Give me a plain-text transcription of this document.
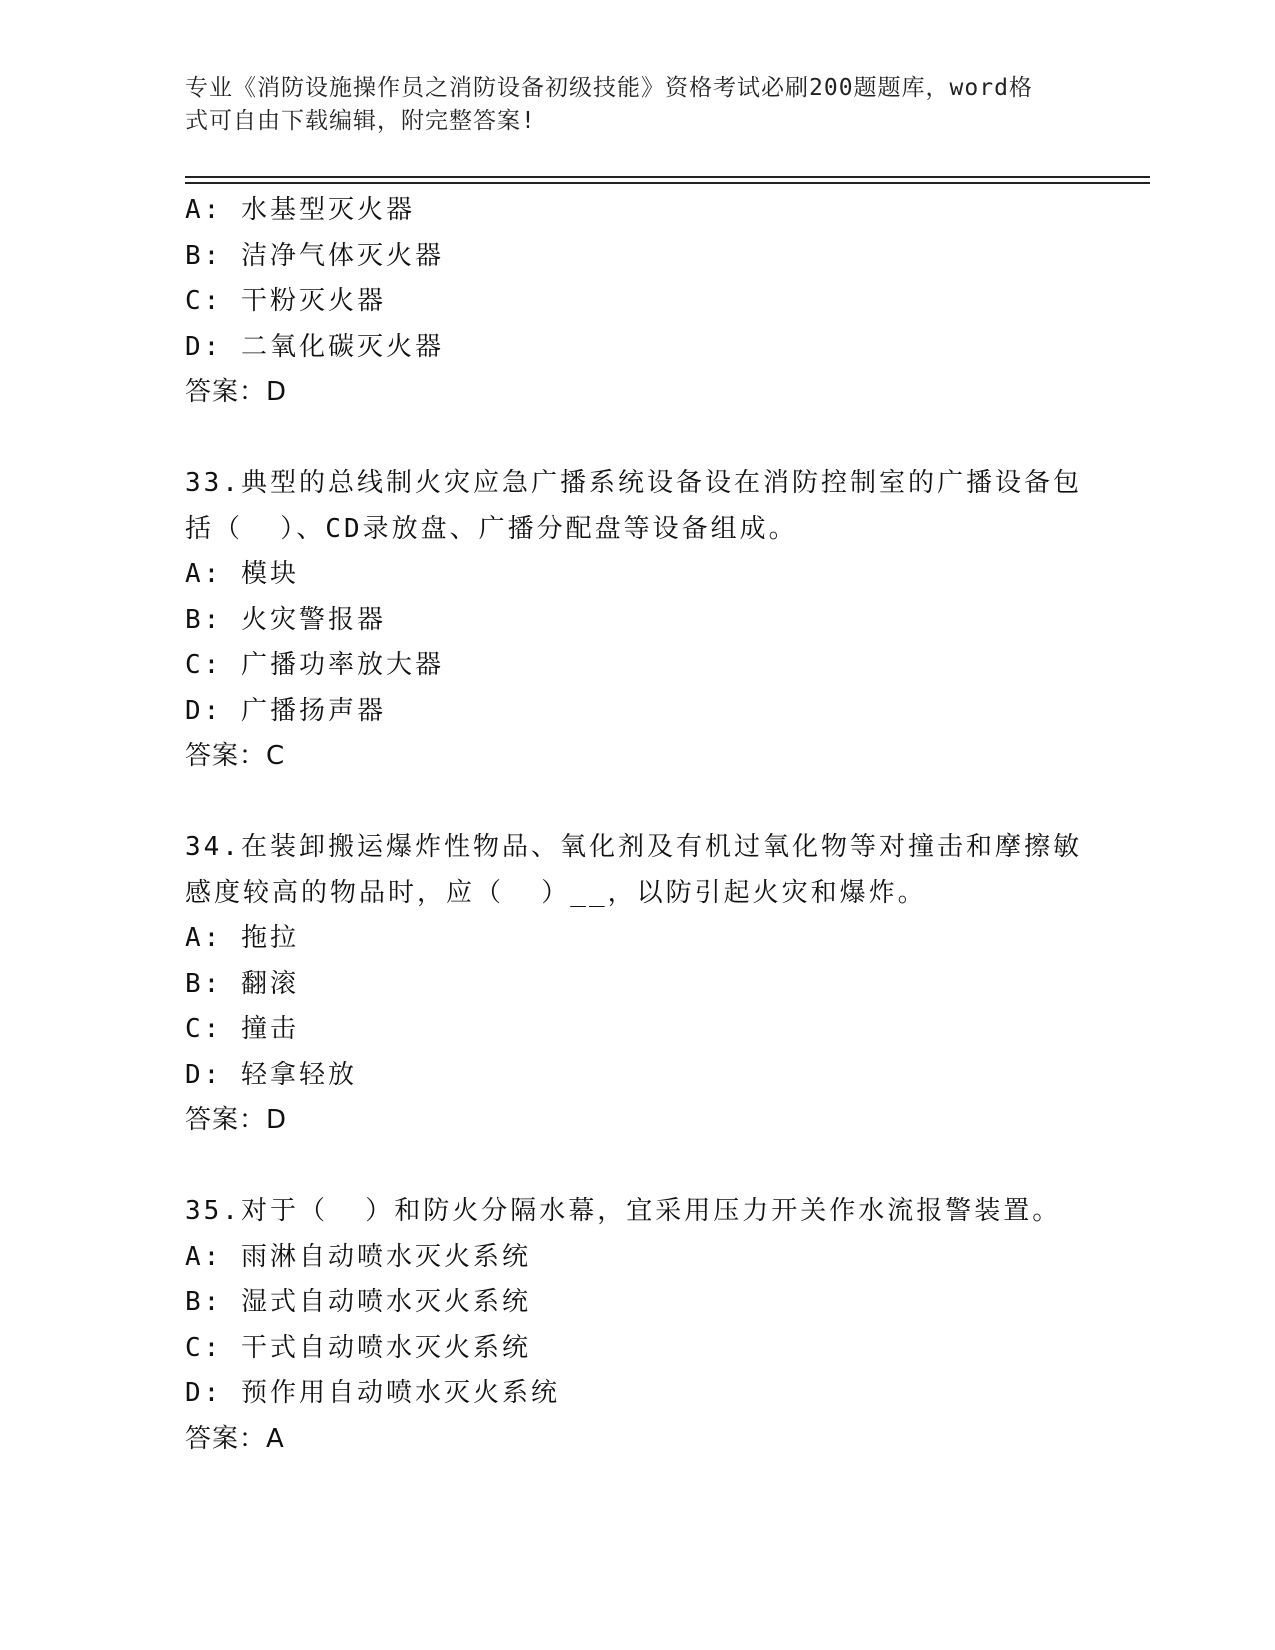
专业《消防设施操作员之消防设备初级技能》资格考试必刷200题题库，word格
式可自由下载编辑，附完整答案!
A: 水基型灭火器
B: 洁净气体灭火器
C: 干粉灭火器
D: 二氧化碳灭火器
答案：D
33.典型的总线制火灾应急广播系统设备设在消防控制室的广播设备包
括（  ）、CD录放盘、广播分配盘等设备组成。
A: 模块
B: 火灾警报器
C: 广播功率放大器
D: 广播扬声器
答案：C
34.在装卸搬运爆炸性物品、氧化剂及有机过氧化物等对撞击和摩擦敏
感度较高的物品时，应（  ）__，以防引起火灾和爆炸。
A: 拖拉
B: 翻滚
C: 撞击
D: 轻拿轻放
答案：D
35.对于（  ）和防火分隔水幕，宜采用压力开关作水流报警装置。
A: 雨淋自动喷水灭火系统
B: 湿式自动喷水灭火系统
C: 干式自动喷水灭火系统
D: 预作用自动喷水灭火系统
答案：A
